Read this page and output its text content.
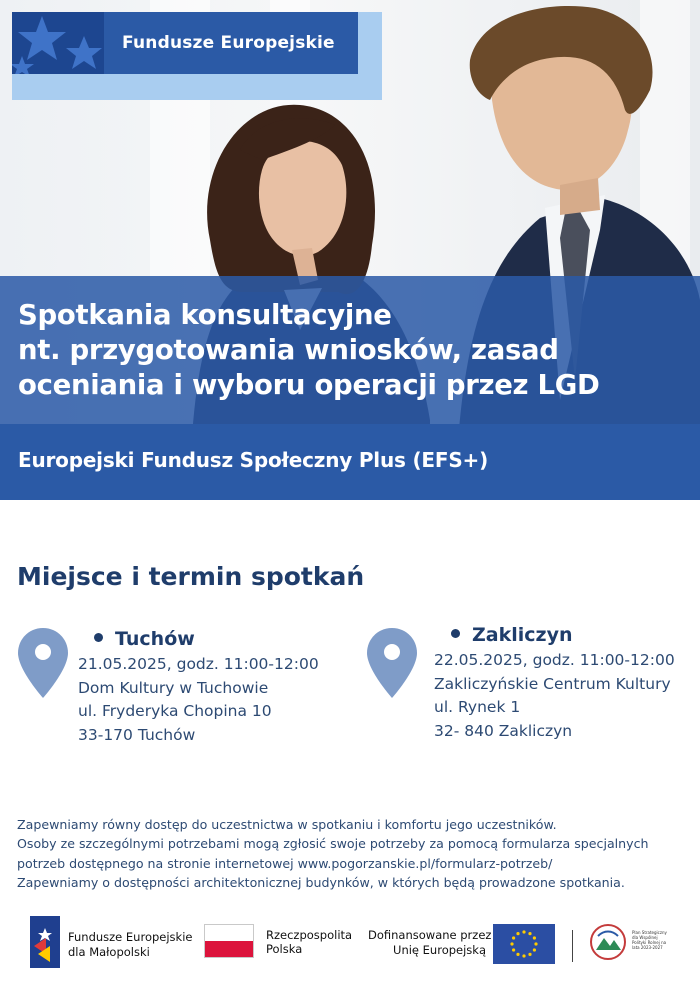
Fundusze Europejskie
Spotkania konsultacyjne
nt. przygotowania wniosków, zasad
oceniania i wyboru operacji przez LGD
Europejski Fundusz Społeczny Plus (EFS+)
Miejsce i termin spotkań
Tuchów
21.05.2025, godz. 11:00-12:00
Dom Kultury w Tuchowie
ul. Fryderyka Chopina 10
33-170 Tuchów
Zakliczyn
22.05.2025, godz. 11:00-12:00
Zakliczyńskie Centrum Kultury
ul. Rynek 1
32- 840 Zakliczyn
Zapewniamy równy dostęp do uczestnictwa w spotkaniu i komfortu jego uczestników.
Osoby ze szczególnymi potrzebami mogą zgłosić swoje potrzeby za pomocą formularza specjalnych
potrzeb dostępnego na stronie internetowej www.pogorzanskie.pl/formularz-potrzeb/
Zapewniamy o dostępności architektonicznej budynków, w których będą prowadzone spotkania.
Fundusze Europejskie
dla Małopolski
Rzeczpospolita
Polska
Dofinansowane przez
Unię Europejską
Plan Strategiczny dla Wspólnej Polityki Rolnej na lata 2023-2027
